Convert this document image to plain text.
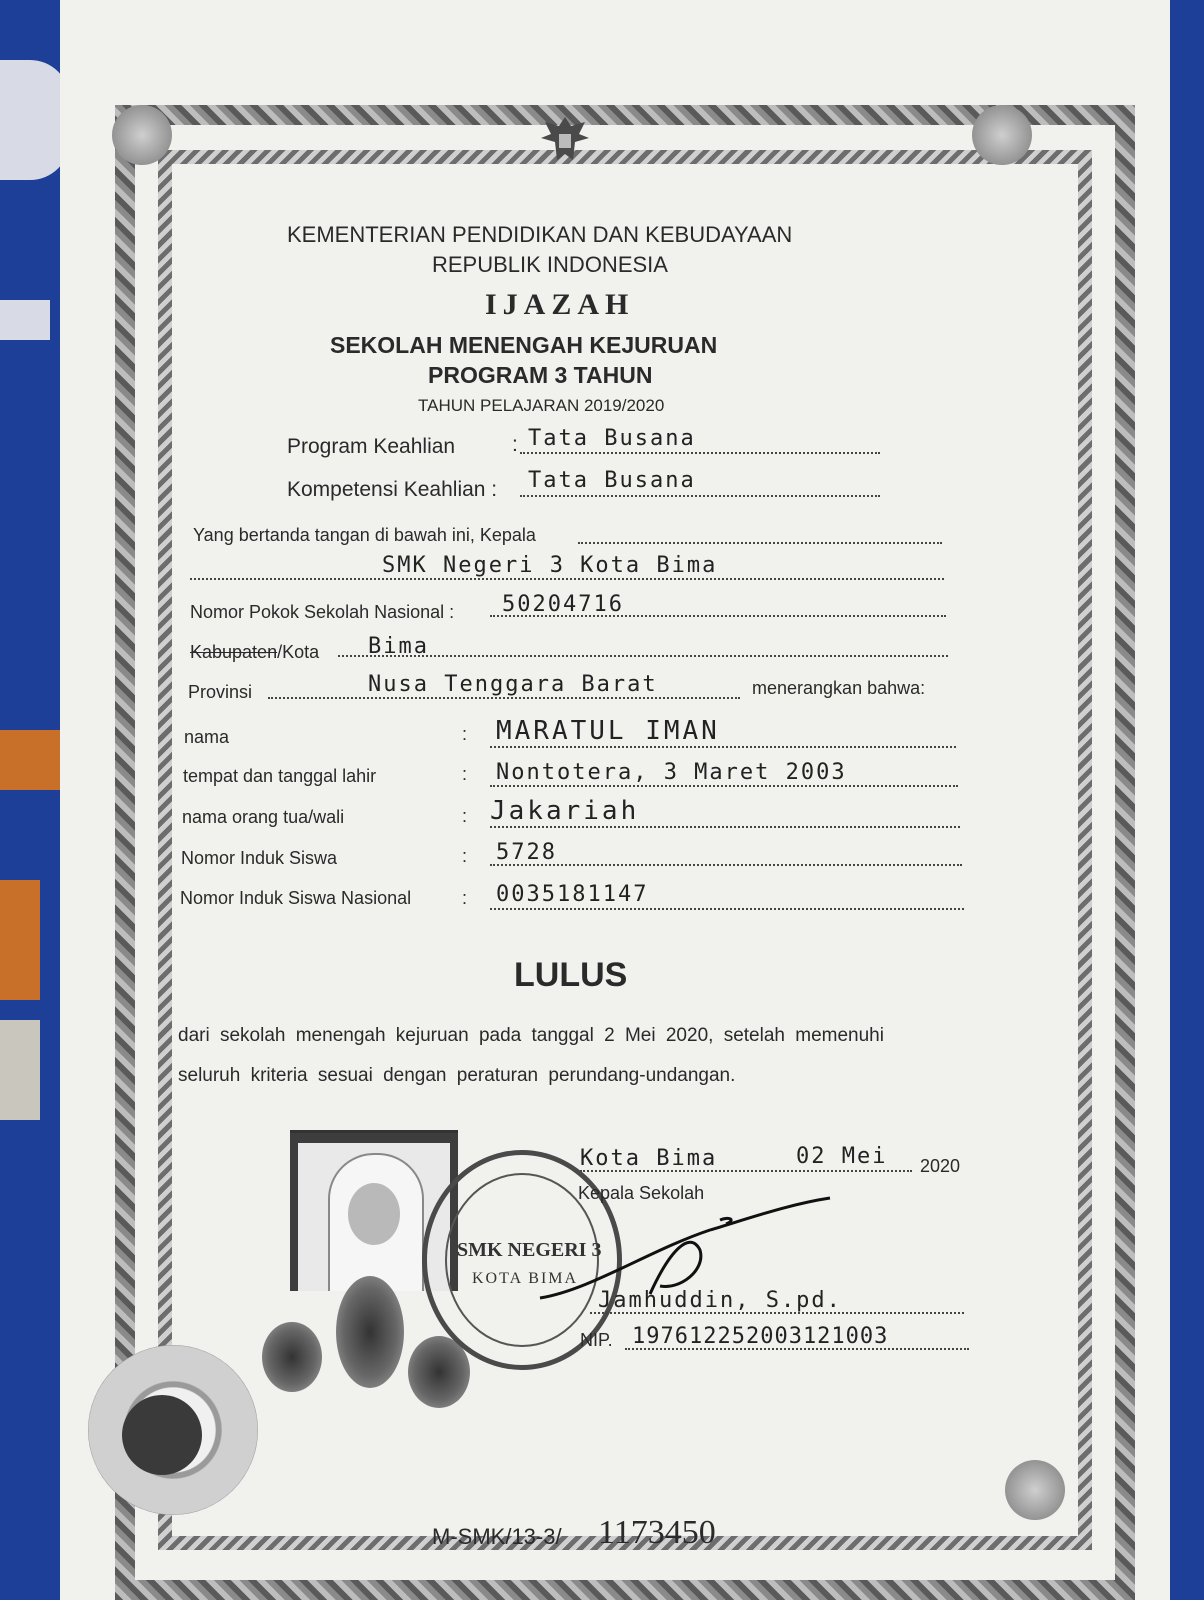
KEMENTERIAN PENDIDIKAN DAN KEBUDAYAAN
REPUBLIK INDONESIA
IJAZAH
SEKOLAH MENENGAH KEJURUAN
PROGRAM 3 TAHUN
TAHUN PELAJARAN 2019/2020
Program Keahlian	: Tata Busana
Kompetensi Keahlian : Tata Busana
Yang bertanda tangan di bawah ini, Kepala
SMK Negeri 3 Kota Bima
Nomor Pokok Sekolah Nasional : 50204716
Kabupaten/Kota Bima
Provinsi	Nusa Tenggara Barat	menerangkan bahwa:
nama	: MARATUL IMAN
tempat dan tanggal lahir	: Nontotera, 3 Maret 2003
nama orang tua/wali	: Jakariah
Nomor Induk Siswa	: 5728
Nomor Induk Siswa Nasional	: 0035181147
LULUS
dari sekolah menengah kejuruan pada tanggal 2 Mei 2020, setelah memenuhi
seluruh kriteria sesuai dengan peraturan perundang-undangan.
SMK NEGERI 3
KOTA BIMA
Kota Bima	02 Mei 2020
Kepala Sekolah
Jamhuddin, S.pd.
NIP. 197612252003121003
M-SMK/13-3/ 1173450
